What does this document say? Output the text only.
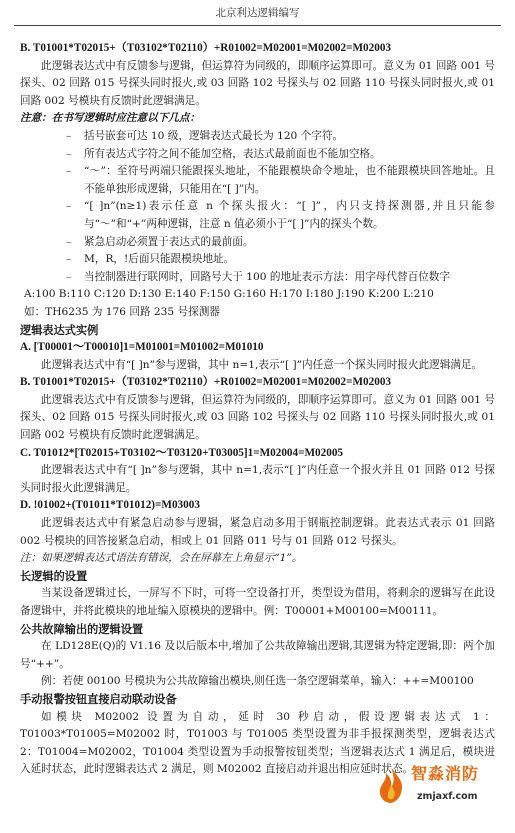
北京利达逻辑编写
B. T01001*T02015+（T03102*T02110）+R01002=M02001=M02002=M02003

此逻辑表达式中有反馈参与逻辑，但运算符为同级的，即顺序运算即可。意义为 01 回路 001 号探头、02 回路 015 号探头同时报火,或 03 回路 102 号探头与 02 回路 110 号探头同时报火,或 01 回路 002 号模块有反馈时此逻辑满足。

注意：在书写逻辑时应注意以下几点：
– 括号嵌套可达 10 级，逻辑表达式最长为 120 个字符。
– 所有表达式字符之间不能加空格，表达式最前面也不能加空格。
– “～”：至符号两端只能跟探头地址，不能跟模块命令地址，也不能跟模块回答地址。且不能单独形成逻辑，只能用在“[ ]”内。
– “[ ]n”(n≥1)表示任意 n 个探头报火：“[ ]”，内只支持探测器,并且只能参与“～”和“+”两种逻辑，注意 n 值必须小于“[ ]”内的探头个数。
– 紧急启动必须置于表达式的最前面。
– M，R，!后面只能跟模块地址。
– 当控制器进行联网时，回路号大于 100 的地址表示方法：用字母代替百位数字
A:100 B:110 C:120 D:130 E:140 F:150 G:160 H:170 I:180 J:190 K:200 L:210
如：TH6235 为 176 回路 235 号探测器
逻辑表达式实例
A. [T00001～T00010]1=M01001=M01002=M01010

此逻辑表达式中有“[ ]n”参与逻辑，其中 n=1,表示“[ ]”内任意一个探头同时报火此逻辑满足。

B. T01001*T02015+（T03102*T02110）+R01002=M02001=M02002=M02003

此逻辑表达式中有反馈参与逻辑，但运算符为同级的，即顺序运算即可。意义为 01 回路 001 号探头、02 回路 015 号探头同时报火,或 03 回路 102 号探头与 02 回路 110 号探头同时报火,或 01 回路 002 号模块有反馈时此逻辑满足。

C. T01012*[T02015+T03102～T03120+T03005]1=M02004=M02005

此逻辑表达式中有“[ ]n”参与逻辑，其中 n=1,表示“[ ]”内任意一个报火并且 01 回路 012 号探头同时报火此逻辑满足。

D. !01002+(T01011*T01012)=M03003

此逻辑表达式中有紧急启动参与逻辑，紧急启动多用于钢瓶控制逻辑。此表达式表示 01 回路 002 号模块的回答接紧急启动，相或上 01 回路 011 号与 01 回路 012 号探头。

注：如果逻辑表达式语法有错误，会在屏幕左上角显示“1”。
长逻辑的设置

当某设备逻辑过长，一屏写不下时，可将一空设备打开，类型设为借用，将剩余的逻辑写在此设备逻辑中，并将此模块的地址编入原模块的逻辑中。例：T00001+M00100=M00111。

公共故障输出的逻辑设置

在 LD128E(Q)的 V1.16 及以后版本中,增加了公共故障输出逻辑,其逻辑为特定逻辑,即：两个加号“++”。

例：若使 00100 号模块为公共故障输出模块,则任选一条空逻辑菜单，输入：++=M00100

手动报警按钮直接启动联动设备

如模块 M02002 设置为自动，延时 30 秒启动，假设逻辑表达式 1：T01003*T01005=M02002 时，T01003 与 T01005 类型设置为非手报探测类型，逻辑表达式 2：T01004=M02002，T01004 类型设置为手动报警按钮类型；当逻辑表达式 1 满足后，模块进入延时状态，此时逻辑表达式 2 满足，则 M02002 直接启动并退出相应延时状态。

智淼消防
zmjaxf.com
